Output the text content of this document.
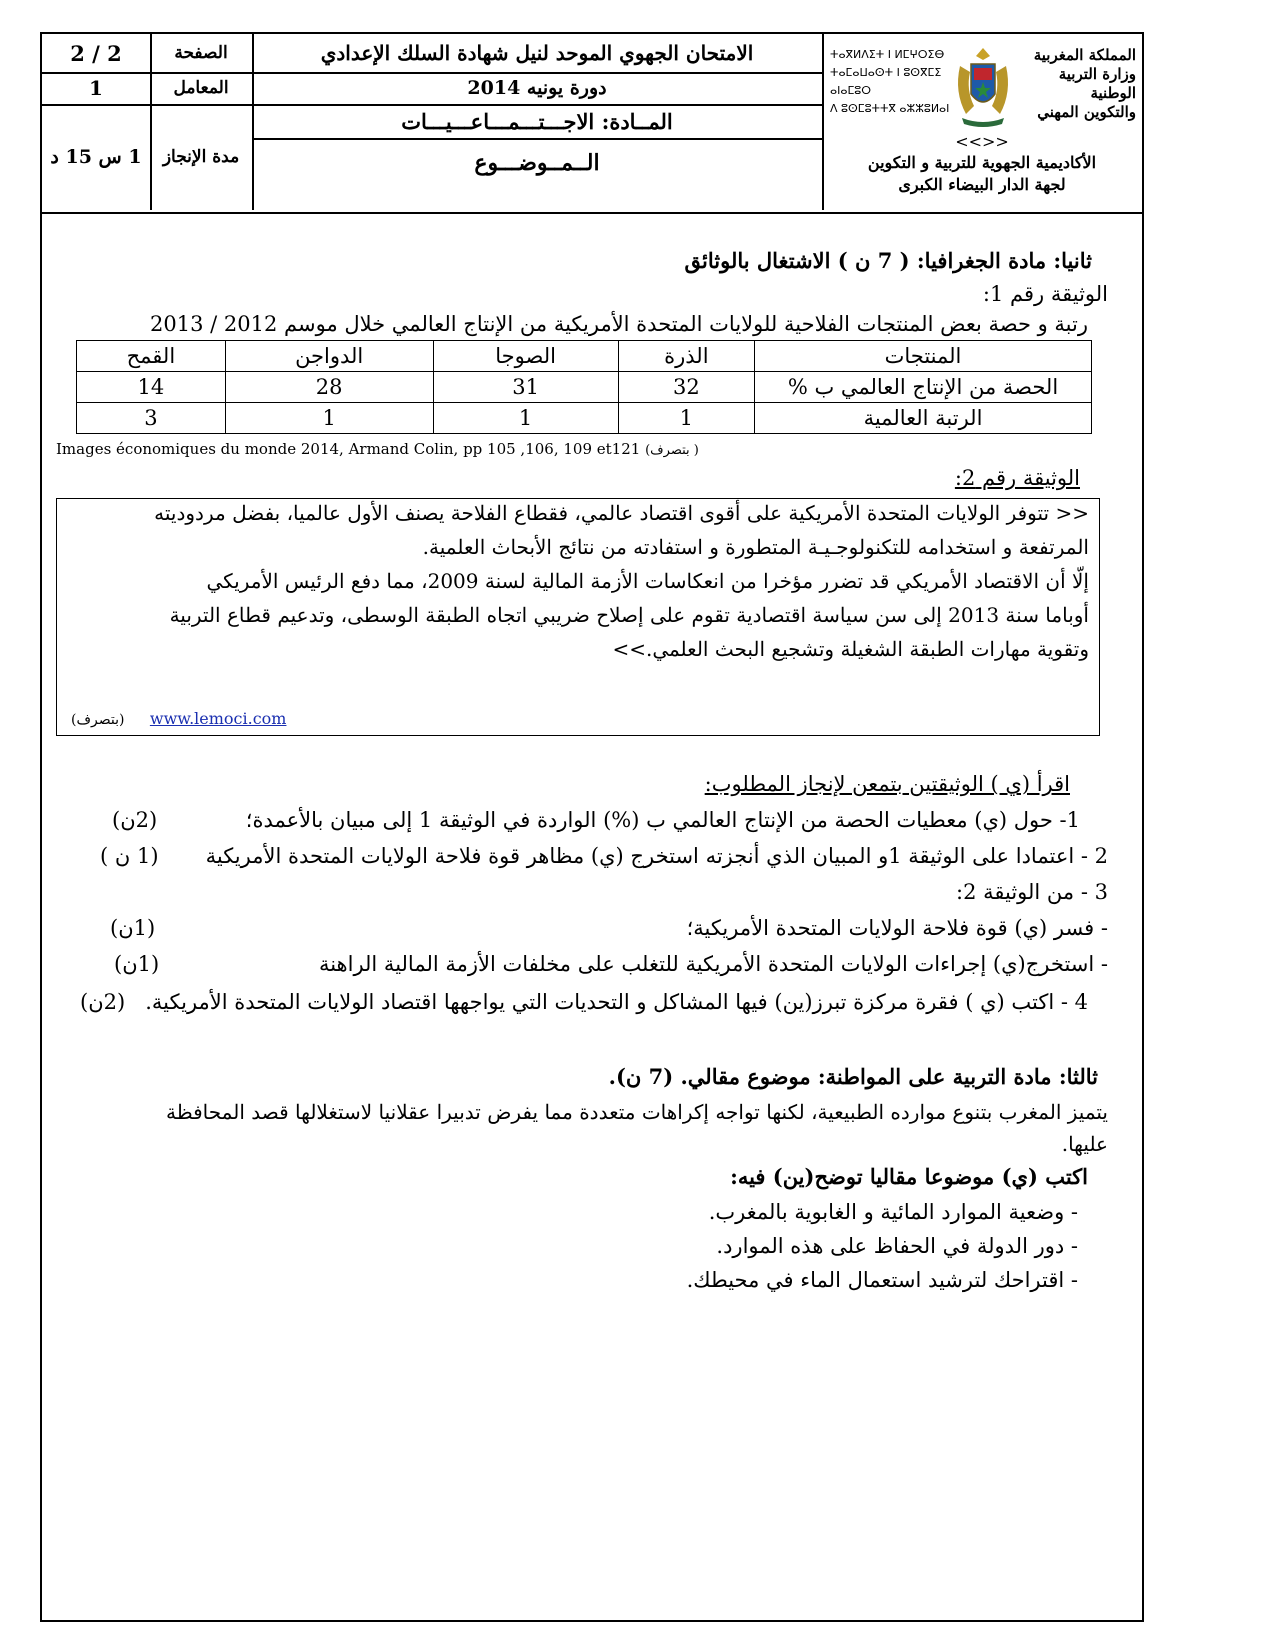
2 / 2	الصفحة	الامتحان الجهوي الموحد لنيل شهادة السلك الإعدادي
1	المعامل	دورة يونيه 2014
1 س 15 د	مدة الإنجاز
المــادة: الاجـــتـــمـــاعـــيـــات
الــمــوضـــوع
ⵜⴰⴳⵍⴷⵉⵜ ⵏ ⵍⵎⵖⵔⵉⴱ
ⵜⴰⵎⴰⵡⴰⵙⵜ ⵏ ⵓⵙⴳⵎⵉ ⴰⵏⴰⵎⵓⵔ
ⴷ ⵓⵙⵎⵓⵜⵜⴳ ⴰⵣⵣⵓⵍⴰⵏ
المملكة المغربية
وزارة التربية الوطنية
والتكوين المهني
<<>>
الأكاديمية الجهوية للتربية و التكوين
لجهة الدار البيضاء الكبرى
ثانيا: مادة الجغرافيا: ( 7 ن ) الاشتغال بالوثائق
الوثيقة رقم 1:
رتبة و حصة بعض المنتجات الفلاحية للولايات المتحدة الأمريكية من الإنتاج العالمي خلال موسم 2012 / 2013
المنتجات	الذرة	الصوجا	الدواجن	القمح
الحصة من الإنتاج العالمي ب %	32	31	28	14
الرتبة العالمية	1	1	1	3
Images économiques du monde 2014, Armand Colin, pp 105 ,106, 109 et121 (بتصرف )
الوثيقة رقم 2:
<< تتوفر الولايات المتحدة الأمريكية على أقوى اقتصاد عالمي، فقطاع الفلاحة يصنف الأول عالميا، بفضل مردوديته
المرتفعة و استخدامه للتكنولوجـيـة المتطورة و استفادته من نتائج الأبحاث العلمية.
إلّا أن الاقتصاد الأمريكي قد تضرر مؤخرا من انعكاسات الأزمة المالية لسنة 2009، مما دفع الرئيس الأمريكي
أوباما سنة 2013 إلى سن سياسة اقتصادية تقوم على إصلاح ضريبي اتجاه الطبقة الوسطى، وتدعيم قطاع التربية
وتقوية مهارات الطبقة الشغيلة وتشجيع البحث العلمي.>>
(بتصرف) www.lemoci.com
اقرأ (ي ) الوثيقتين بتمعن لإنجاز المطلوب:
1- حول (ي) معطيات الحصة من الإنتاج العالمي ب (%) الواردة في الوثيقة 1 إلى مبيان بالأعمدة؛
(2ن)
2 - اعتمادا على الوثيقة 1و المبيان الذي أنجزته استخرج (ي) مظاهر قوة فلاحة الولايات المتحدة الأمريكية
(1 ن )
3 - من الوثيقة 2:
- فسر (ي) قوة فلاحة الولايات المتحدة الأمريكية؛
(1ن)
- استخرج(ي) إجراءات الولايات المتحدة الأمريكية للتغلب على مخلفات الأزمة المالية الراهنة
(1ن)
4 - اكتب (ي ) فقرة مركزة تبرز(ين) فيها المشاكل و التحديات التي يواجهها اقتصاد الولايات المتحدة الأمريكية.
(2ن)
ثالثا: مادة التربية على المواطنة: موضوع مقالي. (7 ن).
يتميز المغرب بتنوع موارده الطبيعية، لكنها تواجه إكراهات متعددة مما يفرض تدبيرا عقلانيا لاستغلالها قصد المحافظة
عليها.
اكتب (ي) موضوعا مقاليا توضح(ين) فيه:
- وضعية الموارد المائية و الغابوية بالمغرب.
- دور الدولة في الحفاظ على هذه الموارد.
- اقتراحك لترشيد استعمال الماء في محيطك.
